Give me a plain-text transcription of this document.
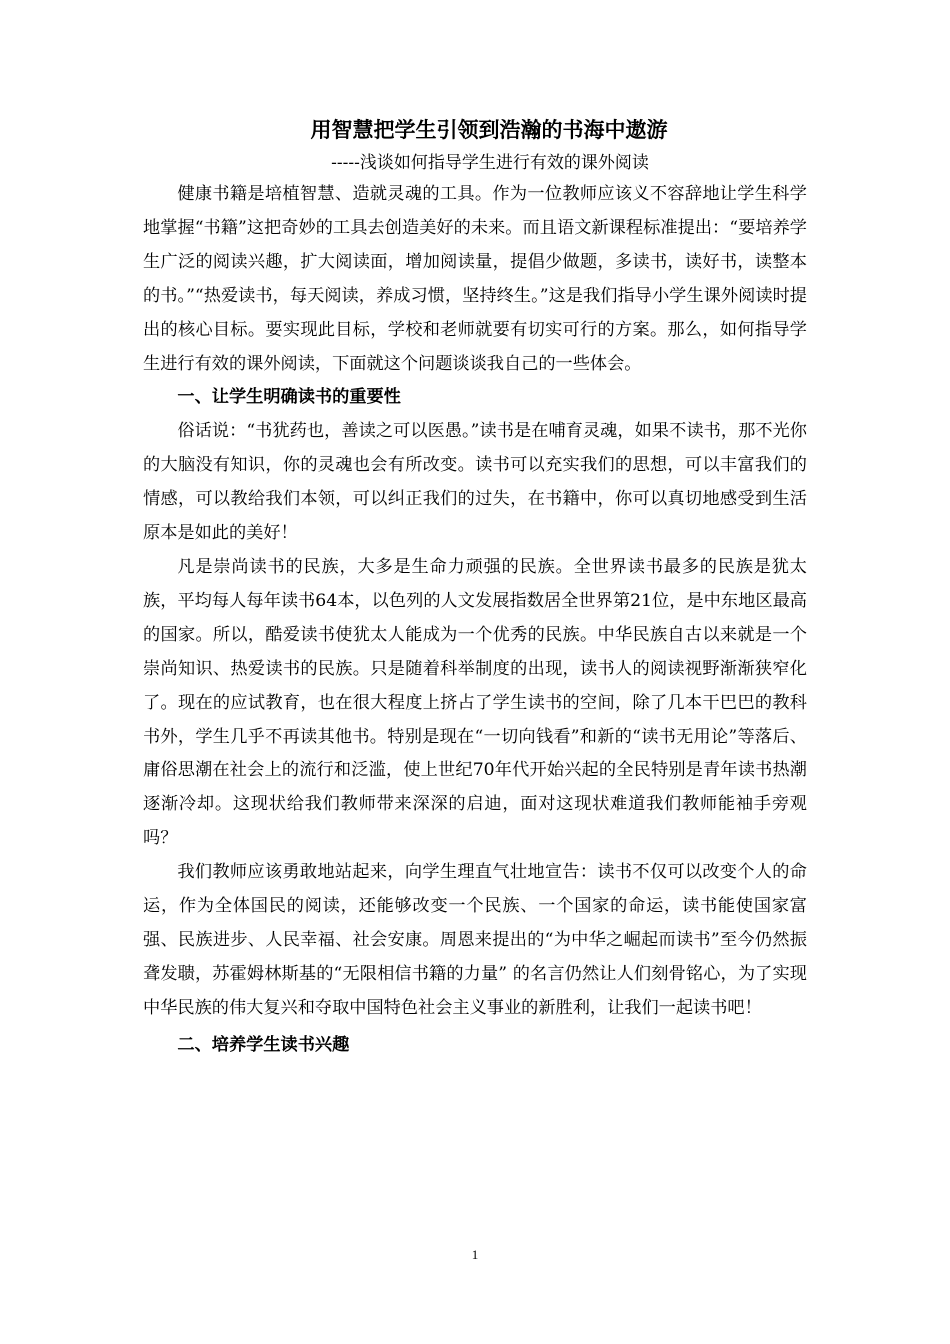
用智慧把学生引领到浩瀚的书海中遨游
-----浅谈如何指导学生进行有效的课外阅读

健康书籍是培植智慧、造就灵魂的工具。作为一位教师应该义不容辞地让学生科学地掌握“书籍”这把奇妙的工具去创造美好的未来。而且语文新课程标准提出：“要培养学生广泛的阅读兴趣，扩大阅读面，增加阅读量，提倡少做题，多读书，读好书，读整本的书。”“热爱读书，每天阅读，养成习惯，坚持终生。”这是我们指导小学生课外阅读时提出的核心目标。要实现此目标，学校和老师就要有切实可行的方案。那么，如何指导学生进行有效的课外阅读，下面就这个问题谈谈我自己的一些体会。

一、让学生明确读书的重要性

俗话说：“书犹药也，善读之可以医愚。”读书是在哺育灵魂，如果不读书，那不光你的大脑没有知识，你的灵魂也会有所改变。读书可以充实我们的思想，可以丰富我们的情感，可以教给我们本领，可以纠正我们的过失，在书籍中，你可以真切地感受到生活原本是如此的美好！

凡是崇尚读书的民族，大多是生命力顽强的民族。全世界读书最多的民族是犹太族，平均每人每年读书64本，以色列的人文发展指数居全世界第21位，是中东地区最高的国家。所以，酷爱读书使犹太人能成为一个优秀的民族。中华民族自古以来就是一个崇尚知识、热爱读书的民族。只是随着科举制度的出现，读书人的阅读视野渐渐狭窄化了。现在的应试教育，也在很大程度上挤占了学生读书的空间，除了几本干巴巴的教科书外，学生几乎不再读其他书。特别是现在“一切向钱看”和新的“读书无用论”等落后、庸俗思潮在社会上的流行和泛滥，使上世纪70年代开始兴起的全民特别是青年读书热潮逐渐冷却。这现状给我们教师带来深深的启迪，面对这现状难道我们教师能袖手旁观吗？

我们教师应该勇敢地站起来，向学生理直气壮地宣告：读书不仅可以改变个人的命运，作为全体国民的阅读，还能够改变一个民族、一个国家的命运，读书能使国家富强、民族进步、人民幸福、社会安康。周恩来提出的“为中华之崛起而读书”至今仍然振聋发聩，苏霍姆林斯基的“无限相信书籍的力量” 的名言仍然让人们刻骨铭心，为了实现中华民族的伟大复兴和夺取中国特色社会主义事业的新胜利，让我们一起读书吧！

二、培养学生读书兴趣

1
